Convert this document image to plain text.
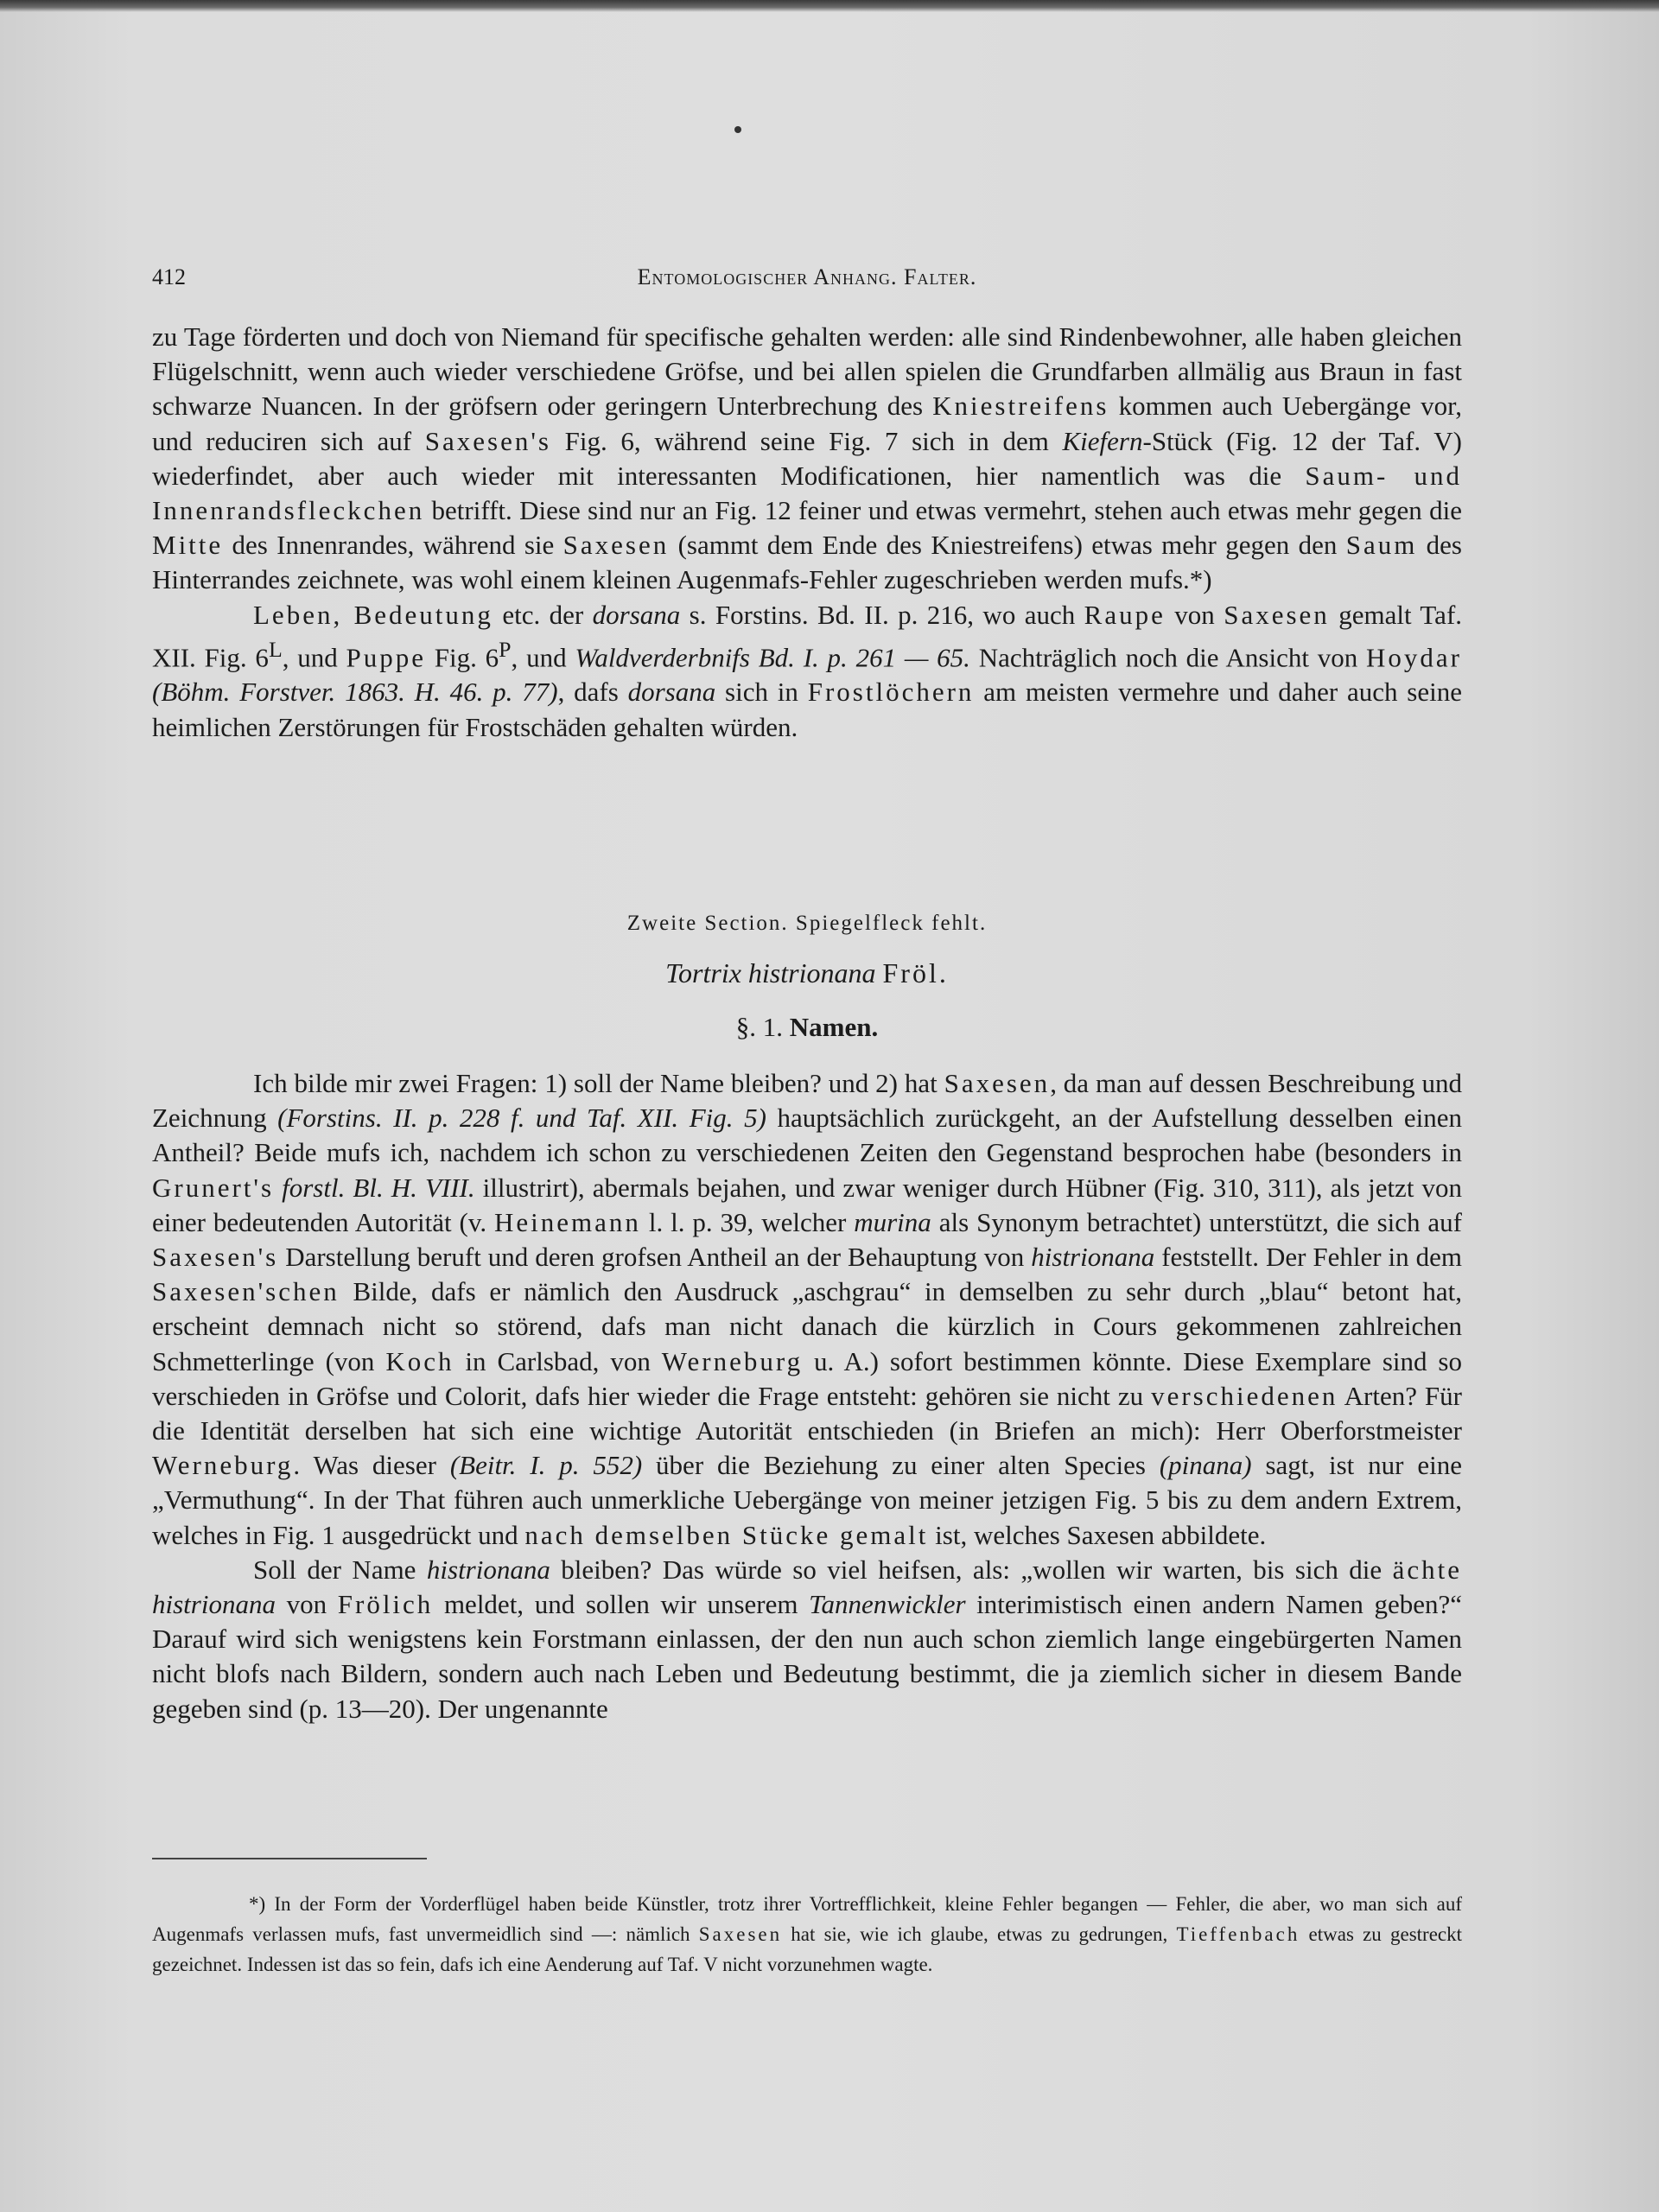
412	Entomologischer Anhang. Falter.

zu Tage förderten und doch von Niemand für specifische gehalten werden: alle sind Rindenbewohner, alle haben gleichen Flügelschnitt, wenn auch wieder verschiedene Gröfse, und bei allen spielen die Grundfarben allmälig aus Braun in fast schwarze Nuancen. In der gröfsern oder geringern Unterbrechung des Kniestreifens kommen auch Uebergänge vor, und reduciren sich auf Saxesen's Fig. 6, während seine Fig. 7 sich in dem Kiefern-Stück (Fig. 12 der Taf. V) wiederfindet, aber auch wieder mit interessanten Modificationen, hier namentlich was die Saum- und Innenrandsfleckchen betrifft. Diese sind nur an Fig. 12 feiner und etwas vermehrt, stehen auch etwas mehr gegen die Mitte des Innenrandes, während sie Saxesen (sammt dem Ende des Kniestreifens) etwas mehr gegen den Saum des Hinterrandes zeichnete, was wohl einem kleinen Augenmafs-Fehler zugeschrieben werden mufs.*)

Leben, Bedeutung etc. der dorsana s. Forstins. Bd. II. p. 216, wo auch Raupe von Saxesen gemalt Taf. XII. Fig. $6^L$, und Puppe Fig. $6^P$, und Waldverderbnifs Bd. I. p. 261 — 65. Nachträglich noch die Ansicht von Hoydar (Böhm. Forstver. 1863. H. 46. p. 77), dafs dorsana sich in Frostlöchern am meisten vermehre und daher auch seine heimlichen Zerstörungen für Frostschäden gehalten würden.

Zweite Section. Spiegelfleck fehlt.
Tortrix histrionana Fröl.
§. 1. Namen.

Ich bilde mir zwei Fragen: 1) soll der Name bleiben? und 2) hat Saxesen, da man auf dessen Beschreibung und Zeichnung (Forstins. II. p. 228 f. und Taf. XII. Fig. 5) hauptsächlich zurückgeht, an der Aufstellung desselben einen Antheil? Beide mufs ich, nachdem ich schon zu verschiedenen Zeiten den Gegenstand besprochen habe (besonders in Grunert's forstl. Bl. H. VIII. illustrirt), abermals bejahen, und zwar weniger durch Hübner (Fig. 310, 311), als jetzt von einer bedeutenden Autorität (v. Heinemann l. l. p. 39, welcher murina als Synonym betrachtet) unterstützt, die sich auf Saxesen's Darstellung beruft und deren grofsen Antheil an der Behauptung von histrionana feststellt. Der Fehler in dem Saxesen'schen Bilde, dafs er nämlich den Ausdruck „aschgrau“ in demselben zu sehr durch „blau“ betont hat, erscheint demnach nicht so störend, dafs man nicht danach die kürzlich in Cours gekommenen zahlreichen Schmetterlinge (von Koch in Carlsbad, von Werneburg u. A.) sofort bestimmen könnte. Diese Exemplare sind so verschieden in Gröfse und Colorit, dafs hier wieder die Frage entsteht: gehören sie nicht zu verschiedenen Arten? Für die Identität derselben hat sich eine wichtige Autorität entschieden (in Briefen an mich): Herr Oberforstmeister Werneburg. Was dieser (Beitr. I. p. 552) über die Beziehung zu einer alten Species (pinana) sagt, ist nur eine „Vermuthung“. In der That führen auch unmerkliche Uebergänge von meiner jetzigen Fig. 5 bis zu dem andern Extrem, welches in Fig. 1 ausgedrückt und nach demselben Stücke gemalt ist, welches Saxesen abbildete.

Soll der Name histrionana bleiben? Das würde so viel heifsen, als: „wollen wir warten, bis sich die ächte histrionana von Frölich meldet, und sollen wir unserem Tannenwickler interimistisch einen andern Namen geben?“ Darauf wird sich wenigstens kein Forstmann einlassen, der den nun auch schon ziemlich lange eingebürgerten Namen nicht blofs nach Bildern, sondern auch nach Leben und Bedeutung bestimmt, die ja ziemlich sicher in diesem Bande gegeben sind (p. 13—20). Der ungenannte

*) In der Form der Vorderflügel haben beide Künstler, trotz ihrer Vortrefflichkeit, kleine Fehler begangen — Fehler, die aber, wo man sich auf Augenmafs verlassen mufs, fast unvermeidlich sind —: nämlich Saxesen hat sie, wie ich glaube, etwas zu gedrungen, Tieffenbach etwas zu gestreckt gezeichnet. Indessen ist das so fein, dafs ich eine Aenderung auf Taf. V nicht vorzunehmen wagte.
